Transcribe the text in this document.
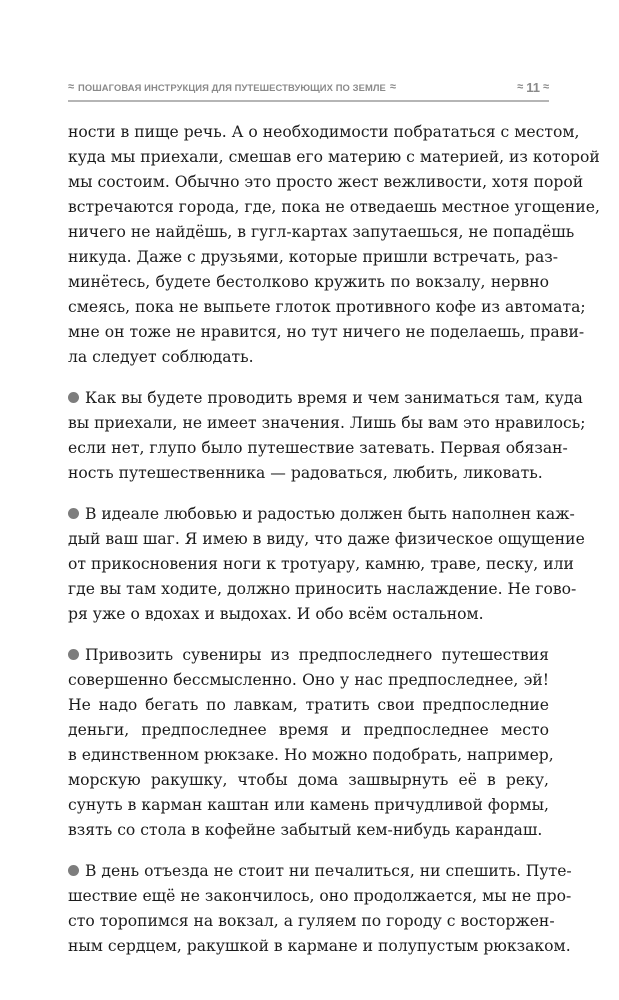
≈ ПОШАГОВАЯ ИНСТРУКЦИЯ ДЛЯ ПУТЕШЕСТВУЮЩИХ ПО ЗЕМЛЕ ≈	≈ 11 ≈
ности в пище речь. А о необходимости побрататься с местом,
куда мы приехали, смешав его материю с материей, из которой
мы состоим. Обычно это просто жест вежливости, хотя порой
встречаются города, где, пока не отведаешь местное угощение,
ничего не найдёшь, в гугл-картах запутаешься, не попадёшь
никуда. Даже с друзьями, которые пришли встречать, раз-
минётесь, будете бестолково кружить по вокзалу, нервно
смеясь, пока не выпьете глоток противного кофе из автомата;
мне он тоже не нравится, но тут ничего не поделаешь, прави-
ла следует соблюдать.
Как вы будете проводить время и чем заниматься там, куда
вы приехали, не имеет значения. Лишь бы вам это нравилось;
если нет, глупо было путешествие затевать. Первая обязан-
ность путешественника — радоваться, любить, ликовать.
В идеале любовью и радостью должен быть наполнен каж-
дый ваш шаг. Я имею в виду, что даже физическое ощущение
от прикосновения ноги к тротуару, камню, траве, песку, или
где вы там ходите, должно приносить наслаждение. Не гово-
ря уже о вдохах и выдохах. И обо всём остальном.
Привозить сувениры из предпоследнего путешествия
совершенно бессмысленно. Оно у нас предпоследнее, эй!
Не надо бегать по лавкам, тратить свои предпоследние
деньги, предпоследнее время и предпоследнее место
в единственном рюкзаке. Но можно подобрать, например,
морскую ракушку, чтобы дома зашвырнуть её в реку,
сунуть в карман каштан или камень причудливой формы,
взять со стола в кофейне забытый кем-нибудь карандаш.
В день отъезда не стоит ни печалиться, ни спешить. Путе-
шествие ещё не закончилось, оно продолжается, мы не про-
сто торопимся на вокзал, а гуляем по городу с восторжен-
ным сердцем, ракушкой в кармане и полупустым рюкзаком.
